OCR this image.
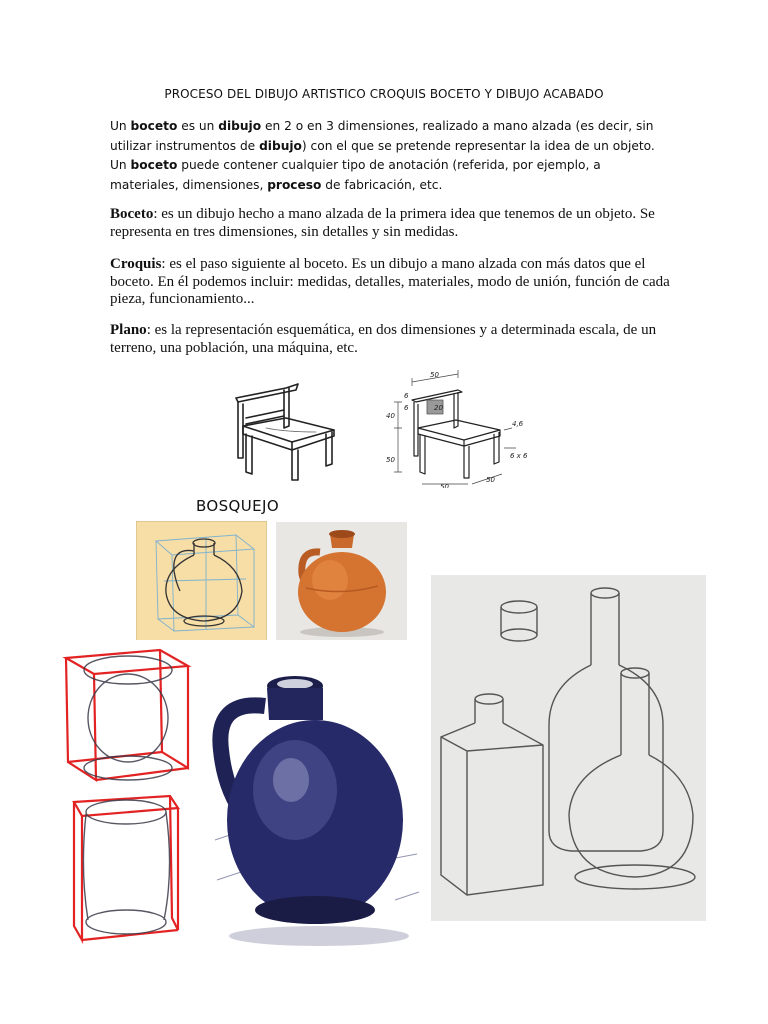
PROCESO DEL DIBUJO ARTISTICO CROQUIS BOCETO Y DIBUJO ACABADO
Un boceto es un dibujo en 2 o en 3 dimensiones, realizado a mano alzada (es decir, sin utilizar instrumentos de dibujo) con el que se pretende representar la idea de un objeto. Un boceto puede contener cualquier tipo de anotación (referida, por ejemplo, a materiales, dimensiones, proceso de fabricación, etc.
Boceto: es un dibujo hecho a mano alzada de la primera idea que tenemos de un objeto. Se representa en tres dimensiones, sin detalles y sin medidas.
Croquis: es el paso siguiente al boceto. Es un dibujo a mano alzada con más datos que el boceto. En él podemos incluir: medidas, detalles, materiales, modo de unión, función de cada pieza, funcionamiento...
Plano: es la representación esquemática, en dos dimensiones y a determinada escala, de un terreno, una población, una máquina, etc.
50
20
6
6
40
50
50
50
4,6
6 x 6
BOSQUEJO
